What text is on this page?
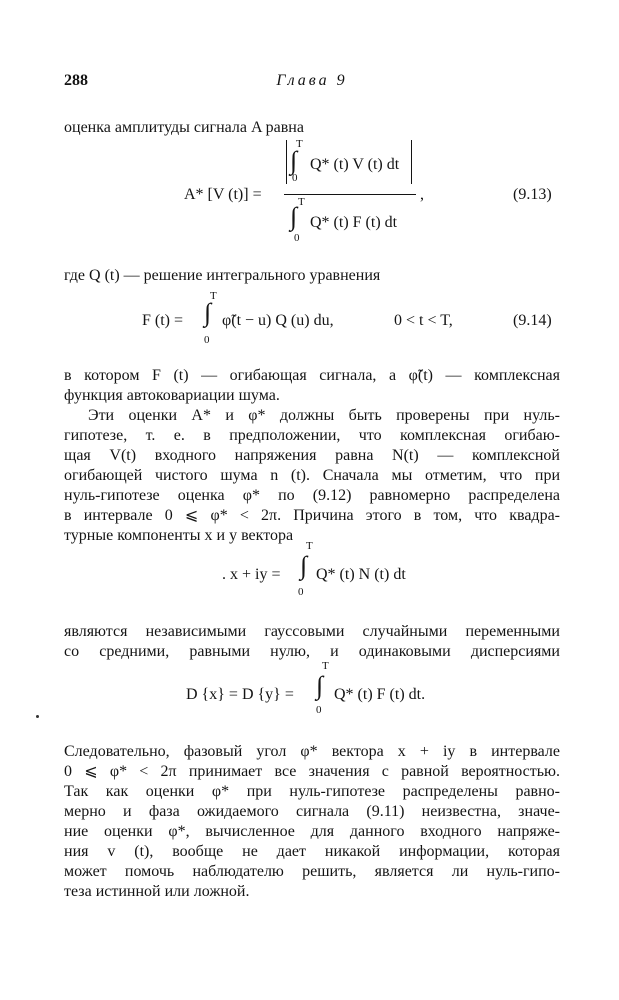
288	Глава 9
оценка амплитуды сигнала A равна
A* [V (t)] =
T
∫
0
Q* (t) V (t) dt
T
∫
0
Q* (t) F (t) dt
,	(9.13)
где Q (t) — решение интегрального уравнения
F (t) =
T
∫
0
φ̃(t − u) Q (u) du,	0 < t < T,	(9.14)
в котором F (t) — огибающая сигнала, а φ̃(t) — комплексная
функция автоковариации шума.
Эти оценки A* и φ* должны быть проверены при нуль-
гипотезе, т. е. в предположении, что комплексная огибаю-
щая V(t) входного напряжения равна N(t) — комплексной
огибающей чистого шума n (t). Сначала мы отметим, что при
нуль-гипотезе оценка φ* по (9.12) равномерно распределена
в интервале 0 ⩽ φ* < 2π. Причина этого в том, что квадра-
турные компоненты x и y вектора
. x + iy =
T
∫
0
Q* (t) N (t) dt
являются независимыми гауссовыми случайными переменными
со средними, равными нулю, и одинаковыми дисперсиями
D {x} = D {y} =
T
∫
0
Q* (t) F (t) dt.
Следовательно, фазовый угол φ* вектора x + iy в интервале
0 ⩽ φ* < 2π принимает все значения с равной вероятностью.
Так как оценки φ* при нуль-гипотезе распределены равно-
мерно и фаза ожидаемого сигнала (9.11) неизвестна, значе-
ние оценки φ*, вычисленное для данного входного напряже-
ния v (t), вообще не дает никакой информации, которая
может помочь наблюдателю решить, является ли нуль-гипо-
теза истинной или ложной.
